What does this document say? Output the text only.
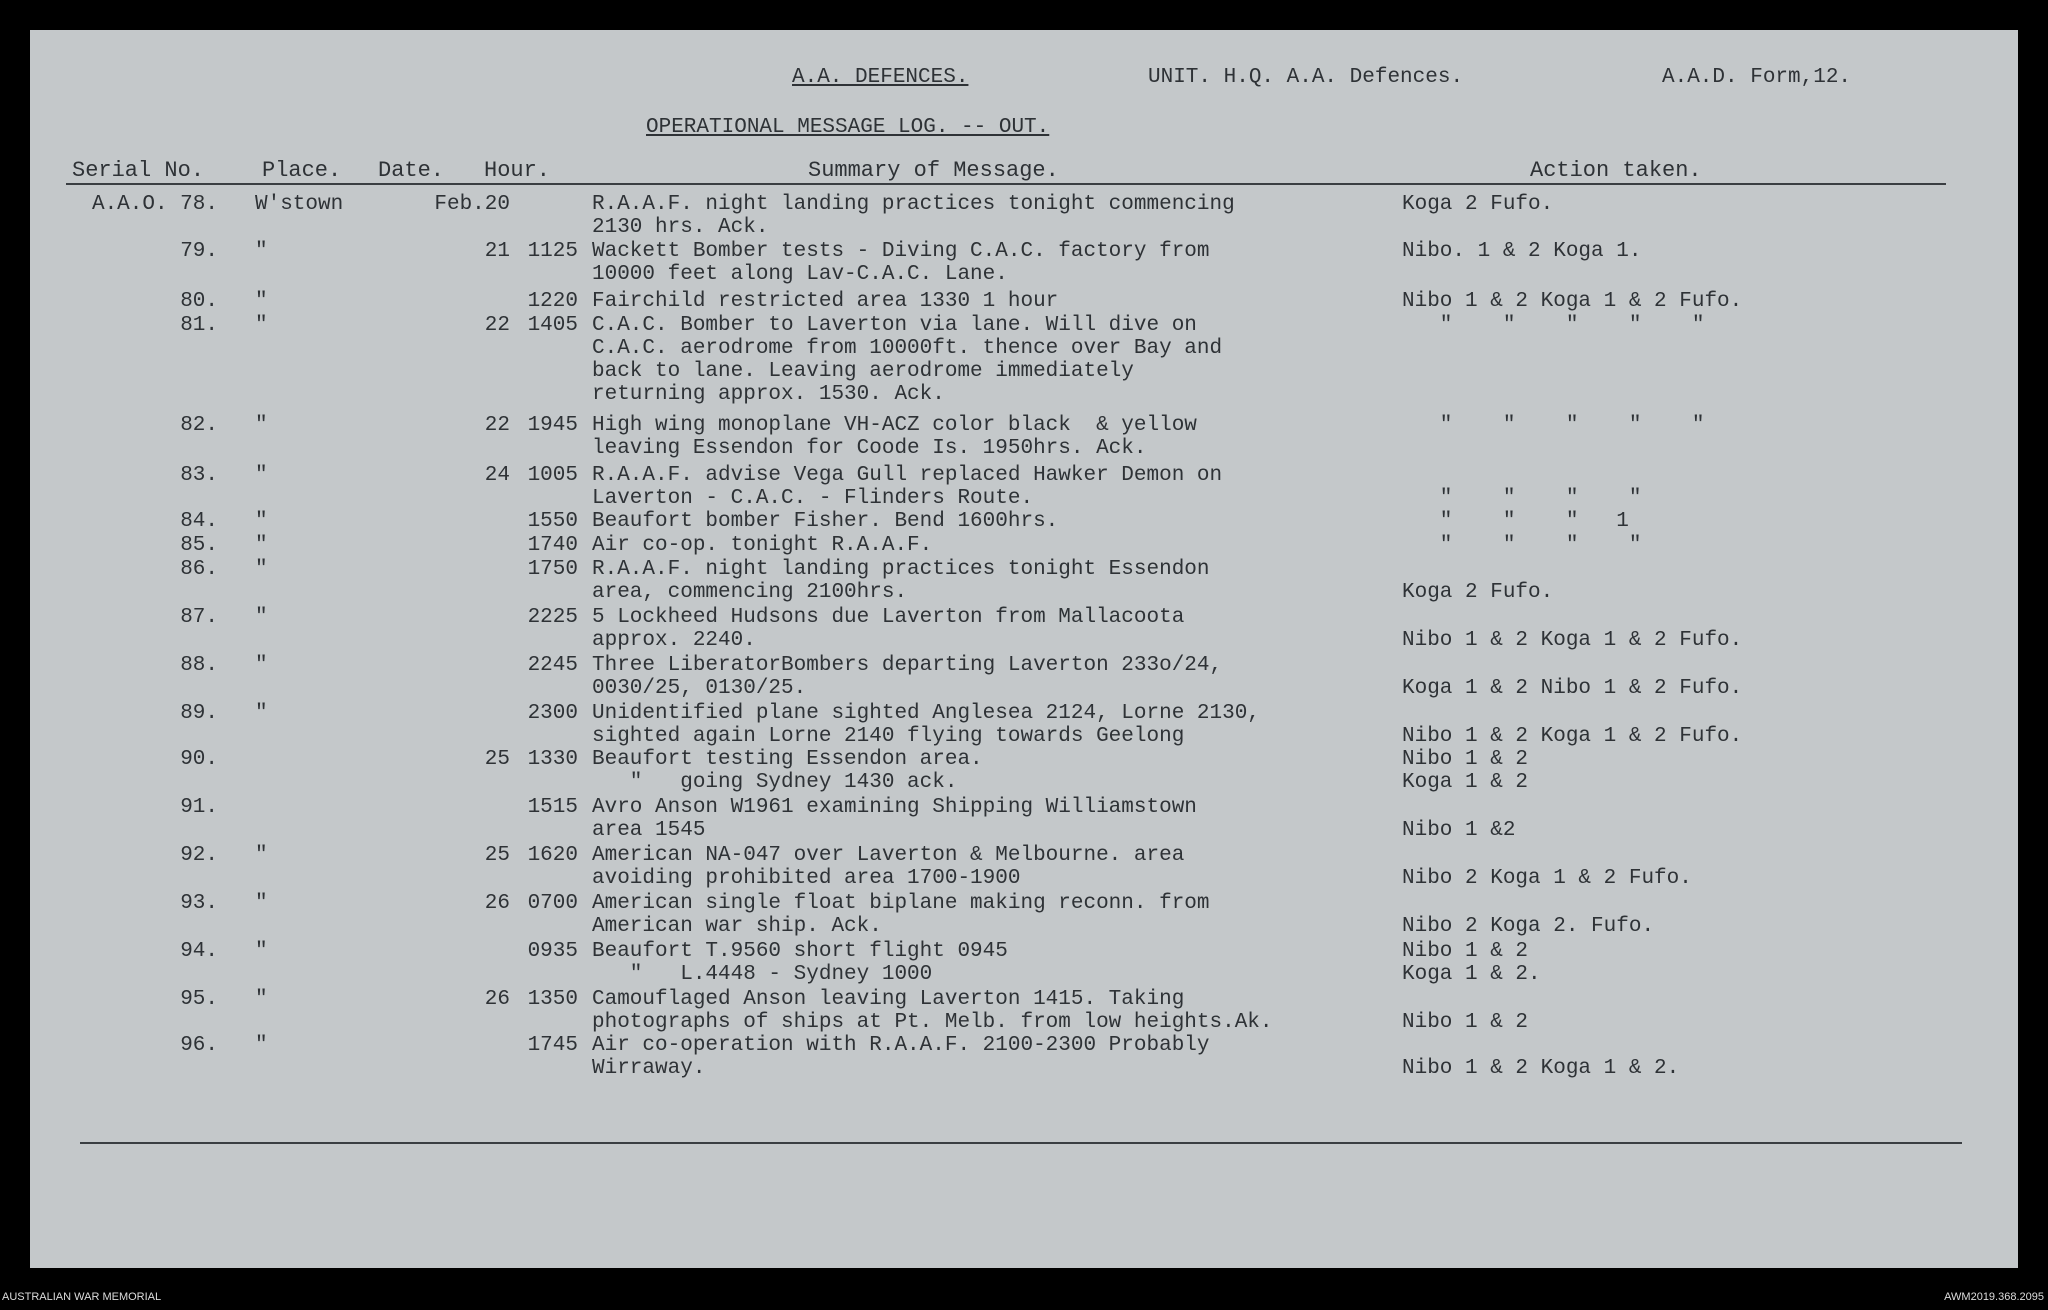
A.A. DEFENCES.	UNIT. H.Q. A.A. Defences.	A.A.D. Form,12.
OPERATIONAL MESSAGE LOG. -- OUT.
Serial No.	Place. Date. Hour.	Summary of Message.	Action taken.
A.A.O. 78. W'stown	Feb.20	R.A.A.F. night landing practices tonight commencing
2130 hrs. Ack.
Koga 2 Fufo.
79. "	21 1125 Wackett Bomber tests - Diving C.A.C. factory from
10000 feet along Lav-C.A.C. Lane.
Nibo. 1 & 2 Koga 1.
80. "	1220 Fairchild restricted area 1330 1 hour	Nibo 1 & 2 Koga 1 & 2 Fufo.
81. "	22 1405 C.A.C. Bomber to Laverton via lane. Will dive on
C.A.C. aerodrome from 10000ft. thence over Bay and
back to lane. Leaving aerodrome immediately
returning approx. 1530. Ack.
"    "    "    "    "
82. "	22 1945 High wing monoplane VH-ACZ color black  & yellow
leaving Essendon for Coode Is. 1950hrs. Ack.
"    "    "    "    "
83. "	24 1005 R.A.A.F. advise Vega Gull replaced Hawker Demon on
Laverton - C.A.C. - Flinders Route.	
"    "    "    "
84. "	1550 Beaufort bomber Fisher. Bend 1600hrs.	"    "    "   1
85. "	1740 Air co-op. tonight R.A.A.F.	"    "    "    "
86. "	1750 R.A.A.F. night landing practices tonight Essendon
area, commencing 2100hrs.	
Koga 2 Fufo.
87. "	2225 5 Lockheed Hudsons due Laverton from Mallacoota
approx. 2240.	
Nibo 1 & 2 Koga 1 & 2 Fufo.
88. "	2245 Three LiberatorBombers departing Laverton 233o/24,
0030/25, 0130/25.	
Koga 1 & 2 Nibo 1 & 2 Fufo.
89. "	2300 Unidentified plane sighted Anglesea 2124, Lorne 2130,
sighted again Lorne 2140 flying towards Geelong	
Nibo 1 & 2 Koga 1 & 2 Fufo.
90.	25 1330 Beaufort testing Essendon area.
"   going Sydney 1430 ack.
Nibo 1 & 2
Koga 1 & 2
91.	1515 Avro Anson W1961 examining Shipping Williamstown
area 1545	
Nibo 1 &2
92. "	25 1620 American NA-047 over Laverton & Melbourne. area
avoiding prohibited area 1700-1900	
Nibo 2 Koga 1 & 2 Fufo.
93. "	26 0700 American single float biplane making reconn. from
American war ship. Ack.	
Nibo 2 Koga 2. Fufo.
94. "	0935 Beaufort T.9560 short flight 0945
"   L.4448 - Sydney 1000
Nibo 1 & 2
Koga 1 & 2.
95. "	26 1350 Camouflaged Anson leaving Laverton 1415. Taking
photographs of ships at Pt. Melb. from low heights.Ak.	
Nibo 1 & 2
96. "	1745 Air co-operation with R.A.A.F. 2100-2300 Probably
Wirraway.	
Nibo 1 & 2 Koga 1 & 2.
AUSTRALIAN WAR MEMORIAL	AWM2019.368.2095
